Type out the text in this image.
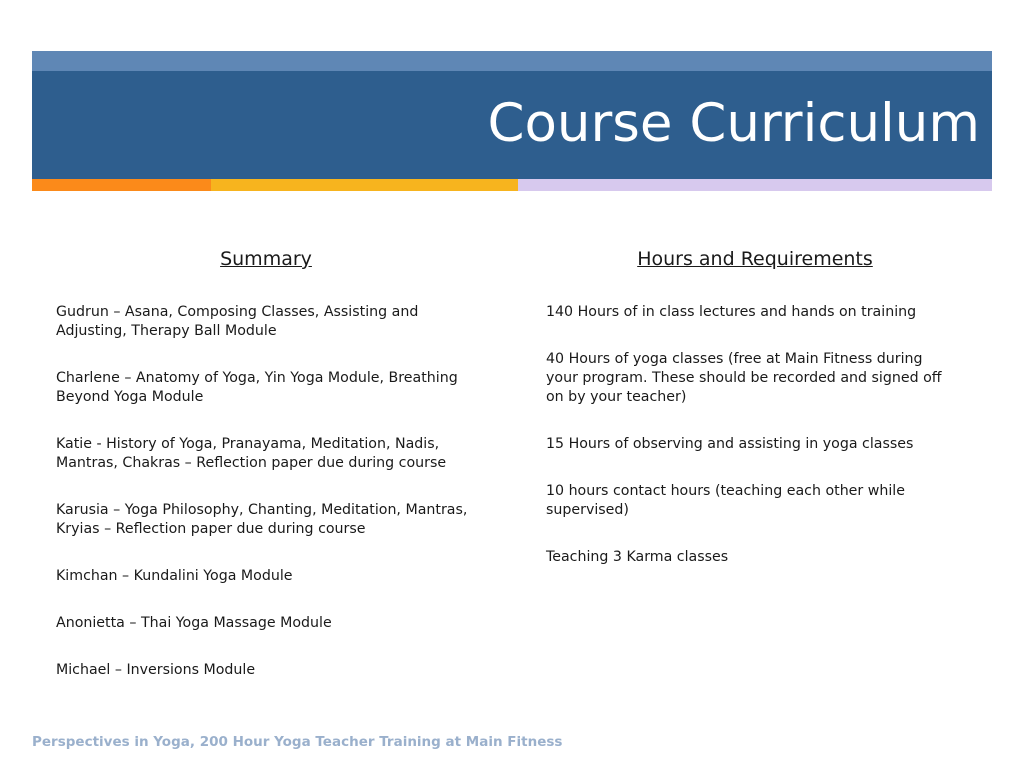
Course Curriculum
Summary
Gudrun – Asana, Composing Classes, Assisting and Adjusting, Therapy Ball Module
Charlene – Anatomy of Yoga, Yin Yoga Module, Breathing Beyond Yoga Module
Katie - History of Yoga, Pranayama, Meditation, Nadis, Mantras, Chakras – Reflection paper due during course
Karusia – Yoga Philosophy, Chanting, Meditation, Mantras, Kryias – Reflection paper due during course
Kimchan – Kundalini Yoga Module
Anonietta – Thai Yoga Massage Module
Michael – Inversions Module
Hours and Requirements
140 Hours of in class lectures and hands on training
40 Hours of yoga classes (free at Main Fitness during your program. These should be recorded and signed off on by your teacher)
15 Hours of observing and assisting in yoga classes
10 hours contact hours (teaching each other while supervised)
Teaching 3 Karma classes
Perspectives in Yoga, 200 Hour Yoga Teacher Training at Main Fitness
